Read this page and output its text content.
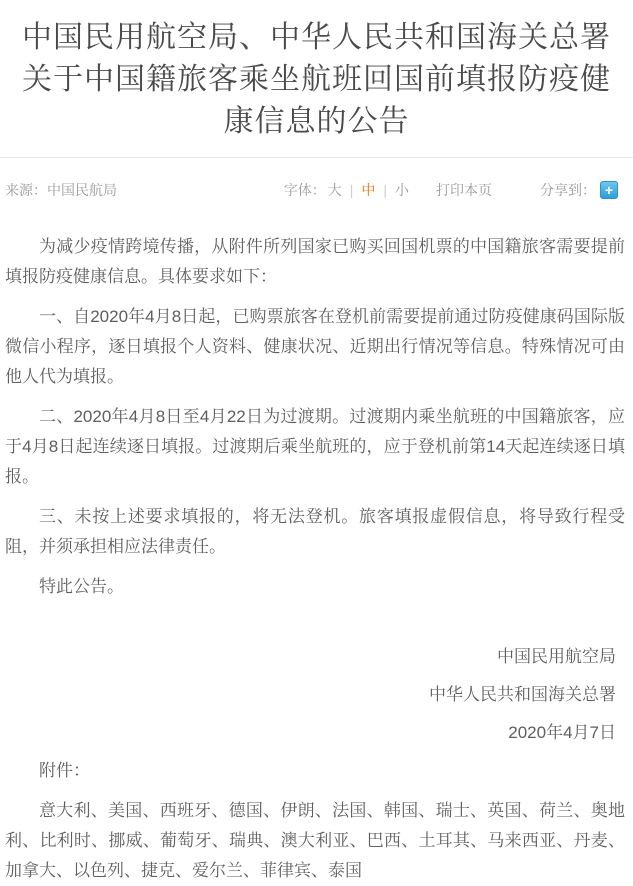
中国民用航空局、中华人民共和国海关总署关于中国籍旅客乘坐航班回国前填报防疫健康信息的公告
来源：中国民航局	字体： 大 | 中 | 小 打印本页	分享到： +

为减少疫情跨境传播，从附件所列国家已购买回国机票的中国籍旅客需要提前填报防疫健康信息。具体要求如下：

一、自2020年4月8日起，已购票旅客在登机前需要提前通过防疫健康码国际版微信小程序，逐日填报个人资料、健康状况、近期出行情况等信息。特殊情况可由他人代为填报。

二、2020年4月8日至4月22日为过渡期。过渡期内乘坐航班的中国籍旅客，应于4月8日起连续逐日填报。过渡期后乘坐航班的，应于登机前第14天起连续逐日填报。

三、未按上述要求填报的，将无法登机。旅客填报虚假信息，将导致行程受阻，并须承担相应法律责任。

特此公告。

中国民用航空局

中华人民共和国海关总署

2020年4月7日

附件：

意大利、美国、西班牙、德国、伊朗、法国、韩国、瑞士、英国、荷兰、奥地利、比利时、挪威、葡萄牙、瑞典、澳大利亚、巴西、土耳其、马来西亚、丹麦、加拿大、以色列、捷克、爱尔兰、菲律宾、泰国
